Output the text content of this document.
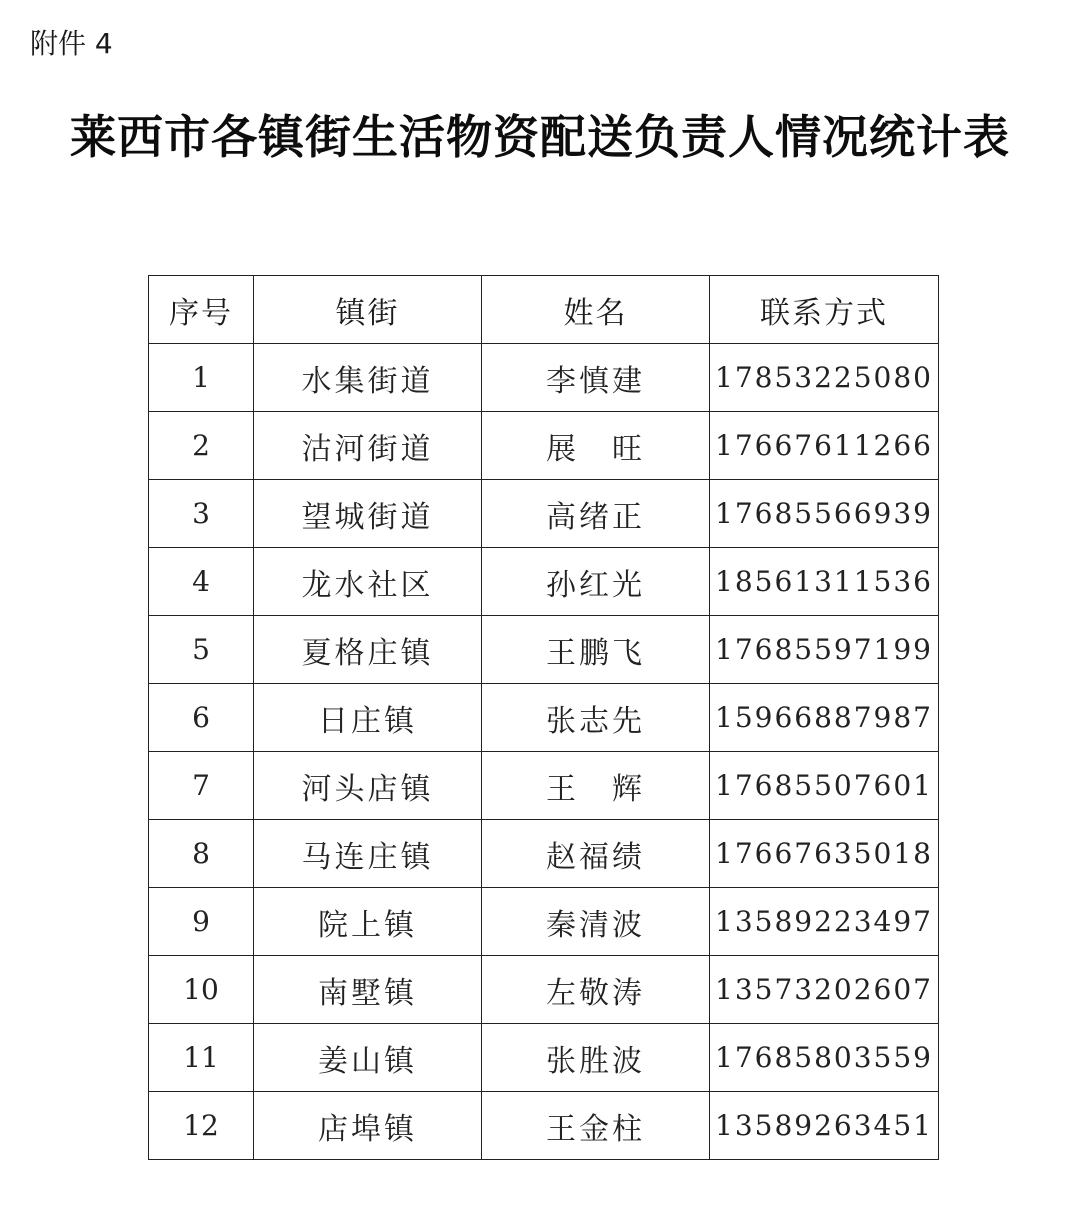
附件 4
莱西市各镇街生活物资配送负责人情况统计表
序号	镇街	姓名	联系方式
1	水集街道	李慎建	17853225080
2	沽河街道	展　旺	17667611266
3	望城街道	高绪正	17685566939
4	龙水社区	孙红光	18561311536
5	夏格庄镇	王鹏飞	17685597199
6	日庄镇	张志先	15966887987
7	河头店镇	王　辉	17685507601
8	马连庄镇	赵福绩	17667635018
9	院上镇	秦清波	13589223497
10	南墅镇	左敬涛	13573202607
11	姜山镇	张胜波	17685803559
12	店埠镇	王金柱	13589263451
